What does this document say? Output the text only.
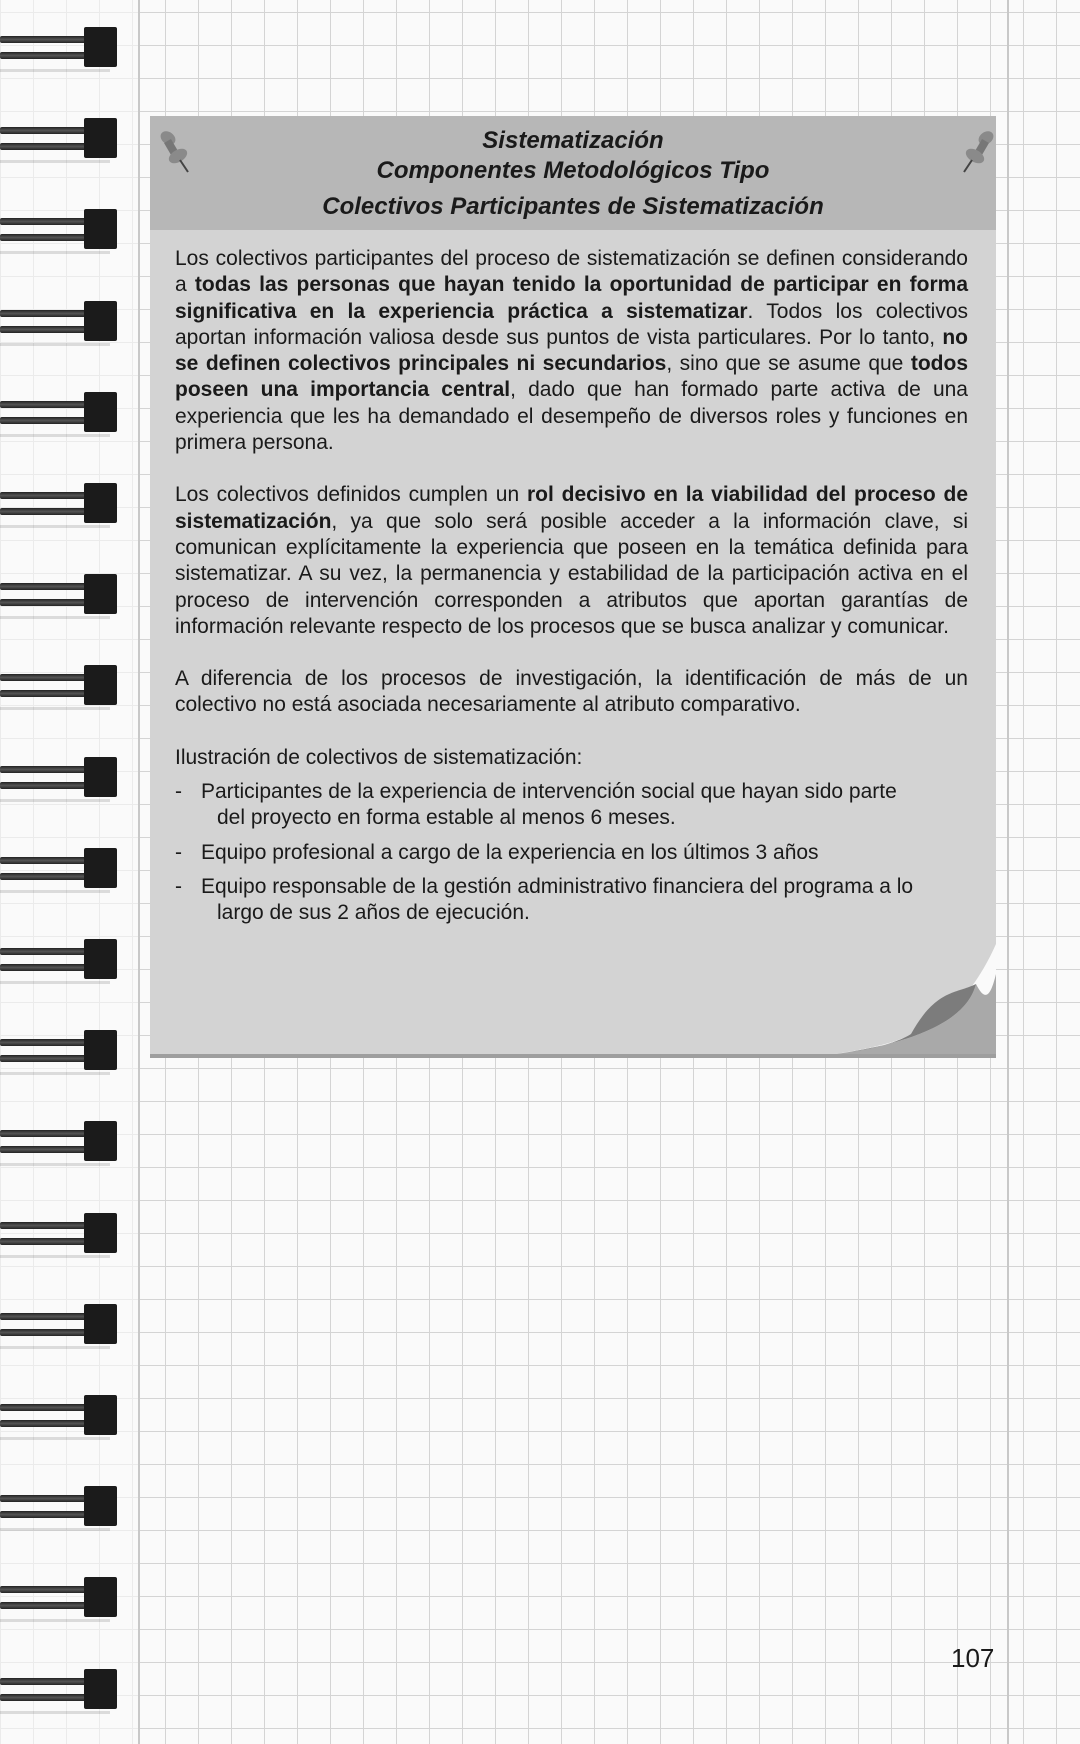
Sistematización
Componentes Metodológicos Tipo
Colectivos Participantes de Sistematización

Los colectivos participantes del proceso de sistematización se definen considerando a todas las personas que hayan tenido la oportunidad de participar en forma significativa en la experiencia práctica a sistematizar. Todos los colectivos aportan información valiosa desde sus puntos de vista particulares. Por lo tanto, no se definen colectivos principales ni secundarios, sino que se asume que todos poseen una importancia central, dado que han formado parte activa de una experiencia que les ha demandado el desempeño de diversos roles y funciones en primera persona.

Los colectivos definidos cumplen un rol decisivo en la viabilidad del proceso de sistematización, ya que solo será posible acceder a la información clave, si comunican explícitamente la experiencia que poseen en la temática definida para sistematizar. A su vez, la permanencia y estabilidad de la participación activa en el proceso de intervención corresponden a atributos que aportan garantías de información relevante respecto de los procesos que se busca analizar y comunicar.

A diferencia de los procesos de investigación, la identificación de más de un colectivo no está asociada necesariamente al atributo comparativo.

Ilustración de colectivos de sistematización:
- Participantes de la experiencia de intervención social que hayan sido parte
del proyecto en forma estable al menos 6 meses.
- Equipo profesional a cargo de la experiencia en los últimos 3 años
- Equipo responsable de la gestión administrativo financiera del programa a lo
largo de sus 2 años de ejecución.
107
